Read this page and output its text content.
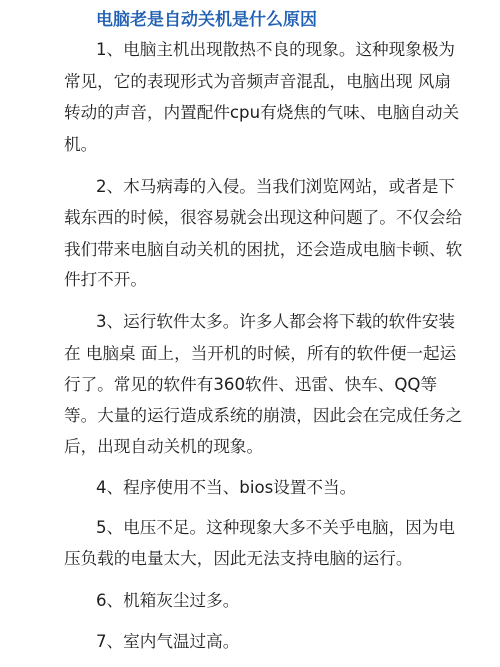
电脑老是自动关机是什么原因
1、电脑主机出现散热不良的现象。这种现象极为
常见，它的表现形式为音频声音混乱，电脑出现 风扇
转动的声音，内置配件cpu有烧焦的气味、电脑自动关
机。
2、木马病毒的入侵。当我们浏览网站，或者是下
载东西的时候，很容易就会出现这种问题了。不仅会给
我们带来电脑自动关机的困扰，还会造成电脑卡顿、软
件打不开。
3、运行软件太多。许多人都会将下载的软件安装
在 电脑桌 面上，当开机的时候，所有的软件便一起运
行了。常见的软件有360软件、迅雷、快车、QQ等
等。大量的运行造成系统的崩溃，因此会在完成任务之
后，出现自动关机的现象。
4、程序使用不当、bios设置不当。
5、电压不足。这种现象大多不关乎电脑，因为电
压负载的电量太大，因此无法支持电脑的运行。
6、机箱灰尘过多。
7、室内气温过高。
